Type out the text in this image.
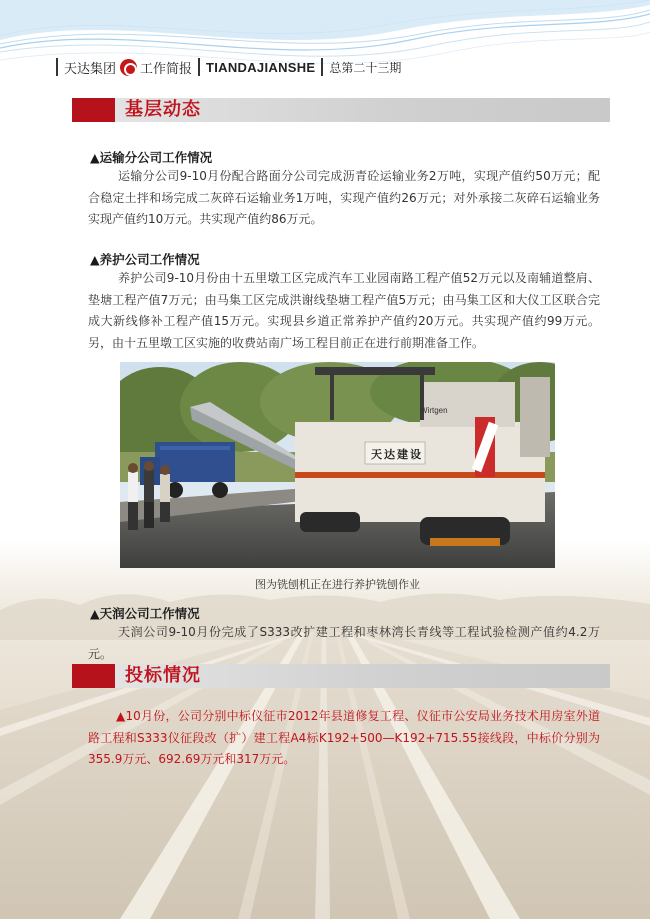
天达集团 工作简报 TIANDAJIANSHE 总第二十三期
基层动态
▲运输分公司工作情况
运输分公司9-10月份配合路面分公司完成沥青砼运输业务2万吨，实现产值约50万元；配合稳定土拌和场完成二灰碎石运输业务1万吨，实现产值约26万元；对外承接二灰碎石运输业务实现产值约10万元。共实现产值约86万元。
▲养护公司工作情况
养护公司9-10月份由十五里墩工区完成汽车工业园南路工程产值52万元以及南辅道整肩、垫塘工程产值7万元；由马集工区完成洪谢线垫塘工程产值5万元；由马集工区和大仪工区联合完成大新线修补工程产值15万元。实现县乡道正常养护产值约20万元。共实现产值约99万元。另，由十五里墩工区实施的收费站南广场工程目前正在进行前期准备工作。
天达建设
Wirtgen
图为铣刨机正在进行养护铣刨作业
▲天润公司工作情况
天润公司9-10月份完成了S333改扩建工程和枣林湾长青线等工程试验检测产值约4.2万元。
投标情况
▲10月份，公司分别中标仪征市2012年县道修复工程、仪征市公安局业务技术用房室外道路工程和S333仪征段改（扩）建工程A4标K192+500—K192+715.55接线段，中标价分别为355.9万元、692.69万元和317万元。
